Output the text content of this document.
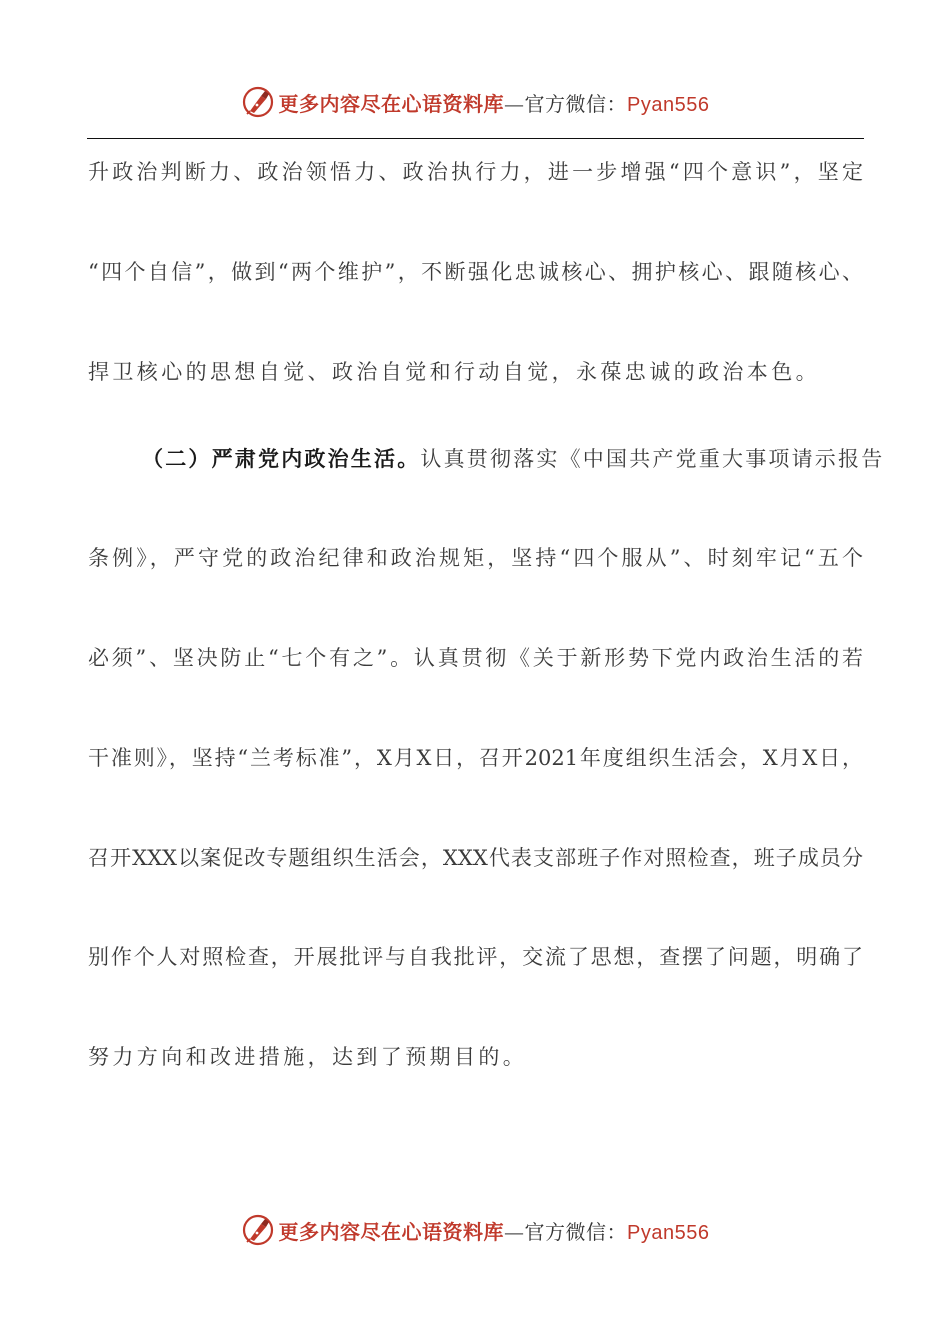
更多内容尽在心语资料库—官方微信：Pyan556
升政治判断力、政治领悟力、政治执行力，进一步增强“四个意识”，坚定
“四个自信”，做到“两个维护”，不断强化忠诚核心、拥护核心、跟随核心、
捍卫核心的思想自觉、政治自觉和行动自觉，永葆忠诚的政治本色。
（二）严肃党内政治生活。认真贯彻落实《中国共产党重大事项请示报告
条例》，严守党的政治纪律和政治规矩，坚持“四个服从”、时刻牢记“五个
必须”、坚决防止“七个有之”。认真贯彻《关于新形势下党内政治生活的若
干准则》，坚持“兰考标准”，X月X日，召开2021年度组织生活会，X月X日，
召开XXX以案促改专题组织生活会，XXX代表支部班子作对照检查，班子成员分
别作个人对照检查，开展批评与自我批评，交流了思想，查摆了问题，明确了
努力方向和改进措施，达到了预期目的。
更多内容尽在心语资料库—官方微信：Pyan556
